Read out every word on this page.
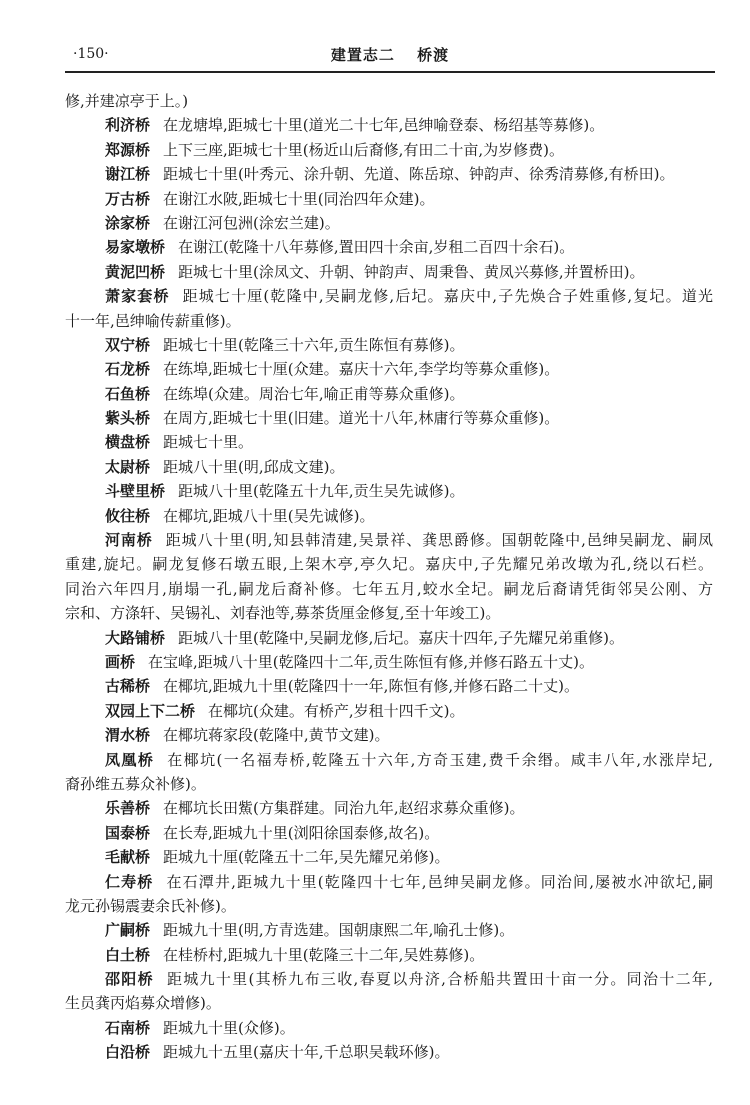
·150·	建置志二 桥渡
修,并建凉亭于上。)
利济桥 在龙塘埠,距城七十里(道光二十七年,邑绅喻登泰、杨绍基等募修)。
郑源桥 上下三座,距城七十里(杨近山后裔修,有田二十亩,为岁修费)。
谢江桥 距城七十里(叶秀元、涂升朝、先道、陈岳琼、钟韵声、徐秀清募修,有桥田)。
万古桥 在谢江水陂,距城七十里(同治四年众建)。
涂家桥 在谢江河包洲(涂宏兰建)。
易家墩桥 在谢江(乾隆十八年募修,置田四十余亩,岁租二百四十余石)。
黄泥凹桥 距城七十里(涂凤文、升朝、钟韵声、周秉鲁、黄凤兴募修,并置桥田)。
萧家套桥 距城七十厘(乾隆中,吴嗣龙修,后圮。嘉庆中,子先焕合子姓重修,复圮。道光
十一年,邑绅喻传薪重修)。
双宁桥 距城七十里(乾隆三十六年,贡生陈恒有募修)。
石龙桥 在练埠,距城七十厘(众建。嘉庆十六年,李学均等募众重修)。
石鱼桥 在练埠(众建。周治七年,喻正甫等募众重修)。
紫头桥 在周方,距城七十里(旧建。道光十八年,林庸行等募众重修)。
横盘桥 距城七十里。
太尉桥 距城八十里(明,邱成文建)。
斗壁里桥 距城八十里(乾隆五十九年,贡生吴先诚修)。
攸往桥 在椰坑,距城八十里(吴先诚修)。
河南桥 距城八十里(明,知县韩清建,吴景祥、龚思爵修。国朝乾隆中,邑绅吴嗣龙、嗣凤
重建,旋圮。嗣龙复修石墩五眼,上架木亭,亭久圮。嘉庆中,子先耀兄弟改墩为孔,绕以石栏。
同治六年四月,崩塌一孔,嗣龙后裔补修。七年五月,蛟水全圮。嗣龙后裔请凭街邻吴公刚、方
宗和、方涤轩、吴锡礼、刘春池等,募茶货厘金修复,至十年竣工)。
大路铺桥 距城八十里(乾隆中,吴嗣龙修,后圮。嘉庆十四年,子先耀兄弟重修)。
画桥 在宝峰,距城八十里(乾隆四十二年,贡生陈恒有修,并修石路五十丈)。
古稀桥 在椰坑,距城九十里(乾隆四十一年,陈恒有修,并修石路二十丈)。
双园上下二桥 在椰坑(众建。有桥产,岁租十四千文)。
渭水桥 在椰坑蒋家段(乾隆中,黄节文建)。
凤凰桥 在椰坑(一名福寿桥,乾隆五十六年,方奇玉建,费千余缗。咸丰八年,水涨岸圮,
裔孙维五募众补修)。
乐善桥 在椰坑长田鮆(方集群建。同治九年,赵绍求募众重修)。
国泰桥 在长寿,距城九十里(浏阳徐国泰修,故名)。
毛献桥 距城九十厘(乾隆五十二年,吴先耀兄弟修)。
仁寿桥 在石潭井,距城九十里(乾隆四十七年,邑绅吴嗣龙修。同治间,屡被水冲欲圮,嗣
龙元孙锡震妻余氏补修)。
广嗣桥 距城九十里(明,方青选建。国朝康熙二年,喻孔士修)。
白土桥 在桂桥村,距城九十里(乾隆三十二年,吴姓募修)。
邵阳桥 距城九十里(其桥九布三收,春夏以舟济,合桥船共置田十亩一分。同治十二年,
生员龚丙焰募众增修)。
石南桥 距城九十里(众修)。
白沿桥 距城九十五里(嘉庆十年,千总职吴载环修)。
